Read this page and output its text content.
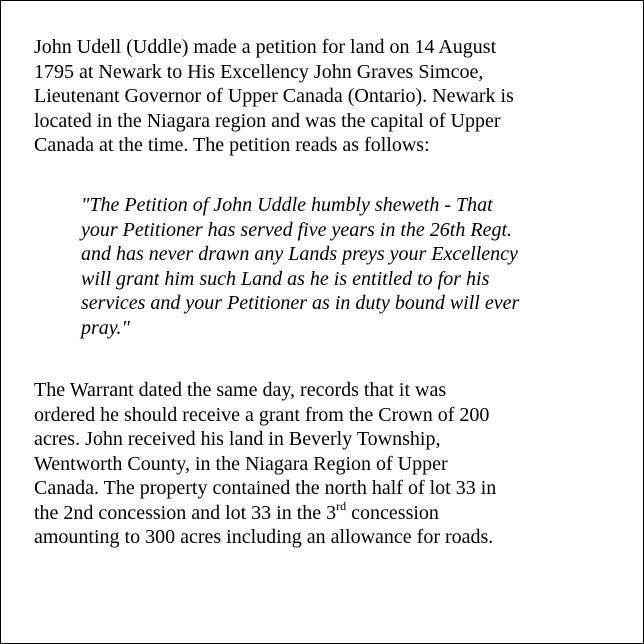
John Udell (Uddle) made a petition for land on 14 August
1795 at Newark to His Excellency John Graves Simcoe,
Lieutenant Governor of Upper Canada (Ontario). Newark is
located in the Niagara region and was the capital of Upper
Canada at the time. The petition reads as follows:
"The Petition of John Uddle humbly sheweth - That
your Petitioner has served five years in the 26th Regt.
and has never drawn any Lands preys your Excellency
will grant him such Land as he is entitled to for his
services and your Petitioner as in duty bound will ever
pray."
The Warrant dated the same day, records that it was
ordered he should receive a grant from the Crown of 200
acres. John received his land in Beverly Township,
Wentworth County, in the Niagara Region of Upper
Canada. The property contained the north half of lot 33 in
the 2nd concession and lot 33 in the 3rd concession
amounting to 300 acres including an allowance for roads.
